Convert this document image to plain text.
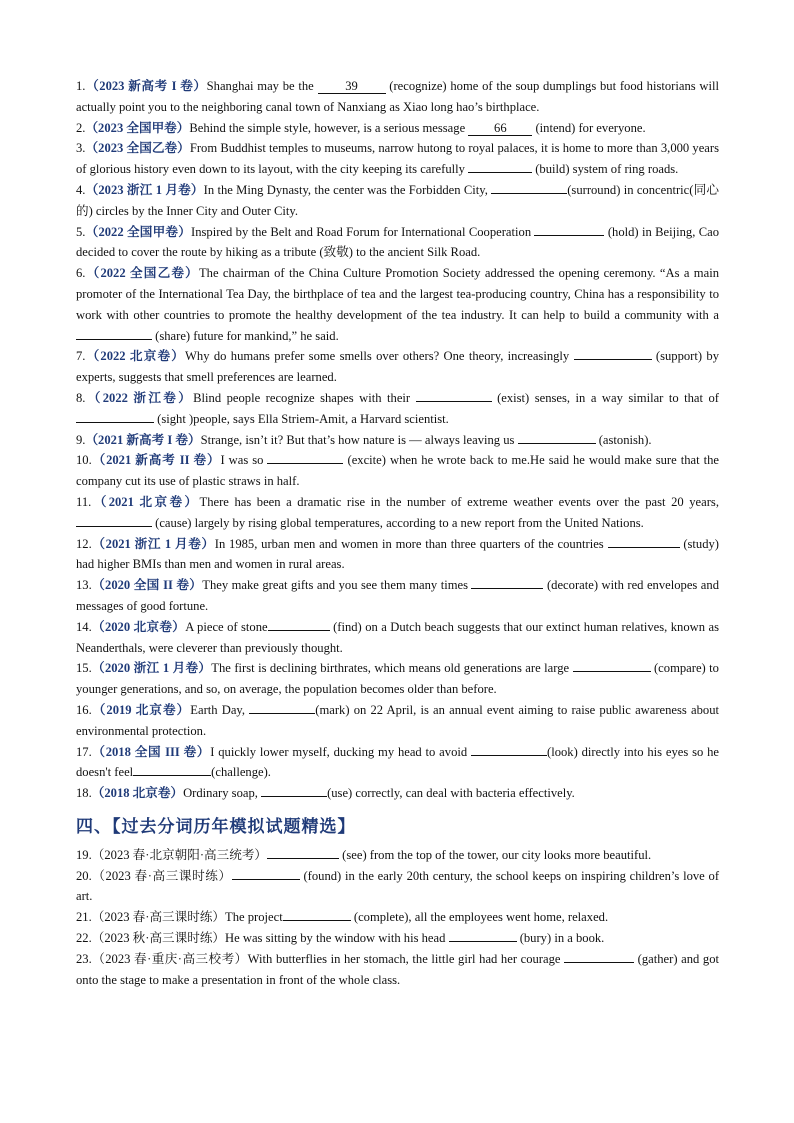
1.（2023 新高考 I 卷）Shanghai may be the 39 (recognize) home of the soup dumplings but food historians will actually point you to the neighboring canal town of Nanxiang as Xiao long hao’s birthplace.
2.（2023 全国甲卷）Behind the simple style, however, is a serious message 66 (intend) for everyone.
3.（2023 全国乙卷）From Buddhist temples to museums, narrow hutong to royal palaces, it is home to more than 3,000 years of glorious history even down to its layout, with the city keeping its carefully	(build) system of ring roads.
4.（2023 浙江 1 月卷）In the Ming Dynasty, the center was the Forbidden City,	(surround) in concentric(同心的) circles by the Inner City and Outer City.
5.（2022 全国甲卷）Inspired by the Belt and Road Forum for International Cooperation	(hold) in Beijing, Cao decided to cover the route by hiking as a tribute (致敬) to the ancient Silk Road.
6.（2022 全国乙卷）The chairman of the China Culture Promotion Society addressed the opening ceremony. “As a main promoter of the International Tea Day, the birthplace of tea and the largest tea-producing country, China has a responsibility to work with other countries to promote the healthy development of the tea industry. It can help to build a community with a  (share) future for mankind,” he said.
7.（2022 北京卷）Why do humans prefer some smells over others? One theory, increasingly	(support) by experts, suggests that smell preferences are learned.
8.（2022 浙江卷）Blind people recognize shapes with their	(exist) senses, in a way similar to that of  (sight )people, says Ella Striem-Amit, a Harvard scientist.
9.（2021 新高考 I 卷）Strange, isn’t it? But that’s how nature is — always leaving us	(astonish).
10.（2021 新高考 II 卷）I was so	(excite) when he wrote back to me.He said he would make sure that the company cut its use of plastic straws in half.
11.（2021 北京卷）There has been a dramatic rise in the number of extreme weather events over the past 20 years,  (cause) largely by rising global temperatures, according to a new report from the United Nations.
12.（2021 浙江 1 月卷）In 1985, urban men and women in more than three quarters of the countries	(study) had higher BMIs than men and women in rural areas.
13.（2020 全国 II 卷）They make great gifts and you see them many times	(decorate) with red envelopes and messages of good fortune.
14.（2020 北京卷）A piece of stone	(find) on a Dutch beach suggests that our extinct human relatives, known as Neanderthals, were cleverer than previously thought.
15.（2020 浙江 1 月卷）The first is declining birthrates, which means old generations are large	(compare) to younger generations, and so, on average, the population becomes older than before.
16.（2019 北京卷）Earth Day,	(mark) on 22 April, is an annual event aiming to raise public awareness about environmental protection.
17.（2018 全国 III 卷）I quickly lower myself, ducking my head to avoid	(look) directly into his eyes so he doesn't feel	(challenge).
18.（2018 北京卷）Ordinary soap,	(use) correctly, can deal with bacteria effectively.
四、【过去分词历年模拟试题精选】
19.（2023 春·北京朝阳·高三统考）	(see) from the top of the tower, our city looks more beautiful.
20.（2023 春·高三课时练）	(found) in the early 20th century, the school keeps on inspiring children’s love of art.
21.（2023 春·高三课时练）The project	(complete), all the employees went home, relaxed.
22.（2023 秋·高三课时练）He was sitting by the window with his head	(bury) in a book.
23.（2023 春·重庆·高三校考）With butterflies in her stomach, the little girl had her courage	(gather) and got onto the stage to make a presentation in front of the whole class.
